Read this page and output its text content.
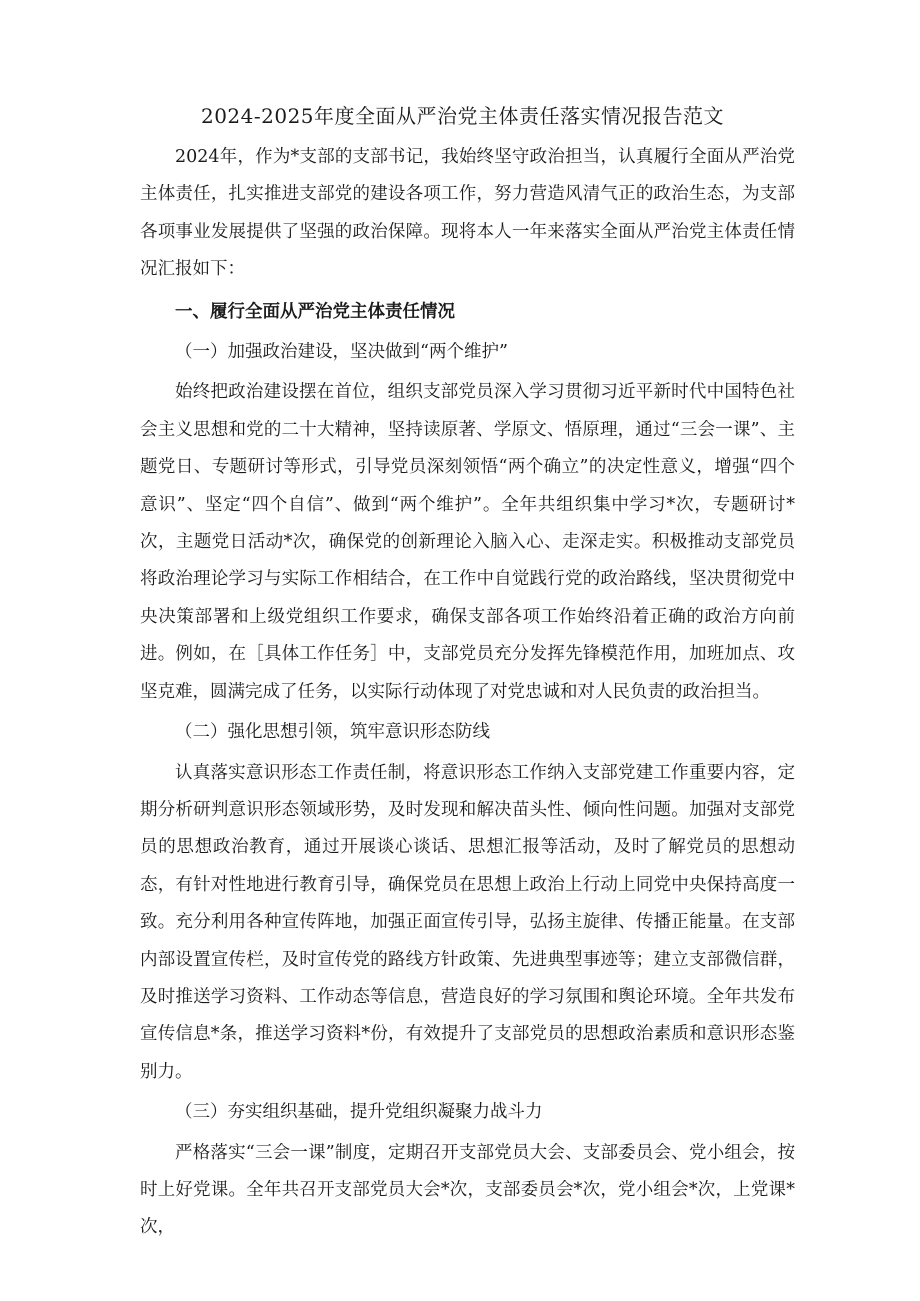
2024-2025年度全面从严治党主体责任落实情况报告范文

2024年，作为*支部的支部书记，我始终坚守政治担当，认真履行全面从严治党主体责任，扎实推进支部党的建设各项工作，努力营造风清气正的政治生态，为支部各项事业发展提供了坚强的政治保障。现将本人一年来落实全面从严治党主体责任情况汇报如下：

一、履行全面从严治党主体责任情况
（一）加强政治建设，坚决做到“两个维护”

始终把政治建设摆在首位，组织支部党员深入学习贯彻习近平新时代中国特色社会主义思想和党的二十大精神，坚持读原著、学原文、悟原理，通过“三会一课”、主题党日、专题研讨等形式，引导党员深刻领悟“两个确立”的决定性意义，增强“四个意识”、坚定“四个自信”、做到“两个维护”。全年共组织集中学习*次，专题研讨*次，主题党日活动*次，确保党的创新理论入脑入心、走深走实。积极推动支部党员将政治理论学习与实际工作相结合，在工作中自觉践行党的政治路线，坚决贯彻党中央决策部署和上级党组织工作要求，确保支部各项工作始终沿着正确的政治方向前进。例如，在［具体工作任务］中，支部党员充分发挥先锋模范作用，加班加点、攻坚克难，圆满完成了任务，以实际行动体现了对党忠诚和对人民负责的政治担当。

（二）强化思想引领，筑牢意识形态防线

认真落实意识形态工作责任制，将意识形态工作纳入支部党建工作重要内容，定期分析研判意识形态领域形势，及时发现和解决苗头性、倾向性问题。加强对支部党员的思想政治教育，通过开展谈心谈话、思想汇报等活动，及时了解党员的思想动态，有针对性地进行教育引导，确保党员在思想上政治上行动上同党中央保持高度一致。充分利用各种宣传阵地，加强正面宣传引导，弘扬主旋律、传播正能量。在支部内部设置宣传栏，及时宣传党的路线方针政策、先进典型事迹等；建立支部微信群，及时推送学习资料、工作动态等信息，营造良好的学习氛围和舆论环境。全年共发布宣传信息*条，推送学习资料*份，有效提升了支部党员的思想政治素质和意识形态鉴别力。

（三）夯实组织基础，提升党组织凝聚力战斗力

严格落实“三会一课”制度，定期召开支部党员大会、支部委员会、党小组会，按时上好党课。全年共召开支部党员大会*次，支部委员会*次，党小组会*次，上党课*次，
